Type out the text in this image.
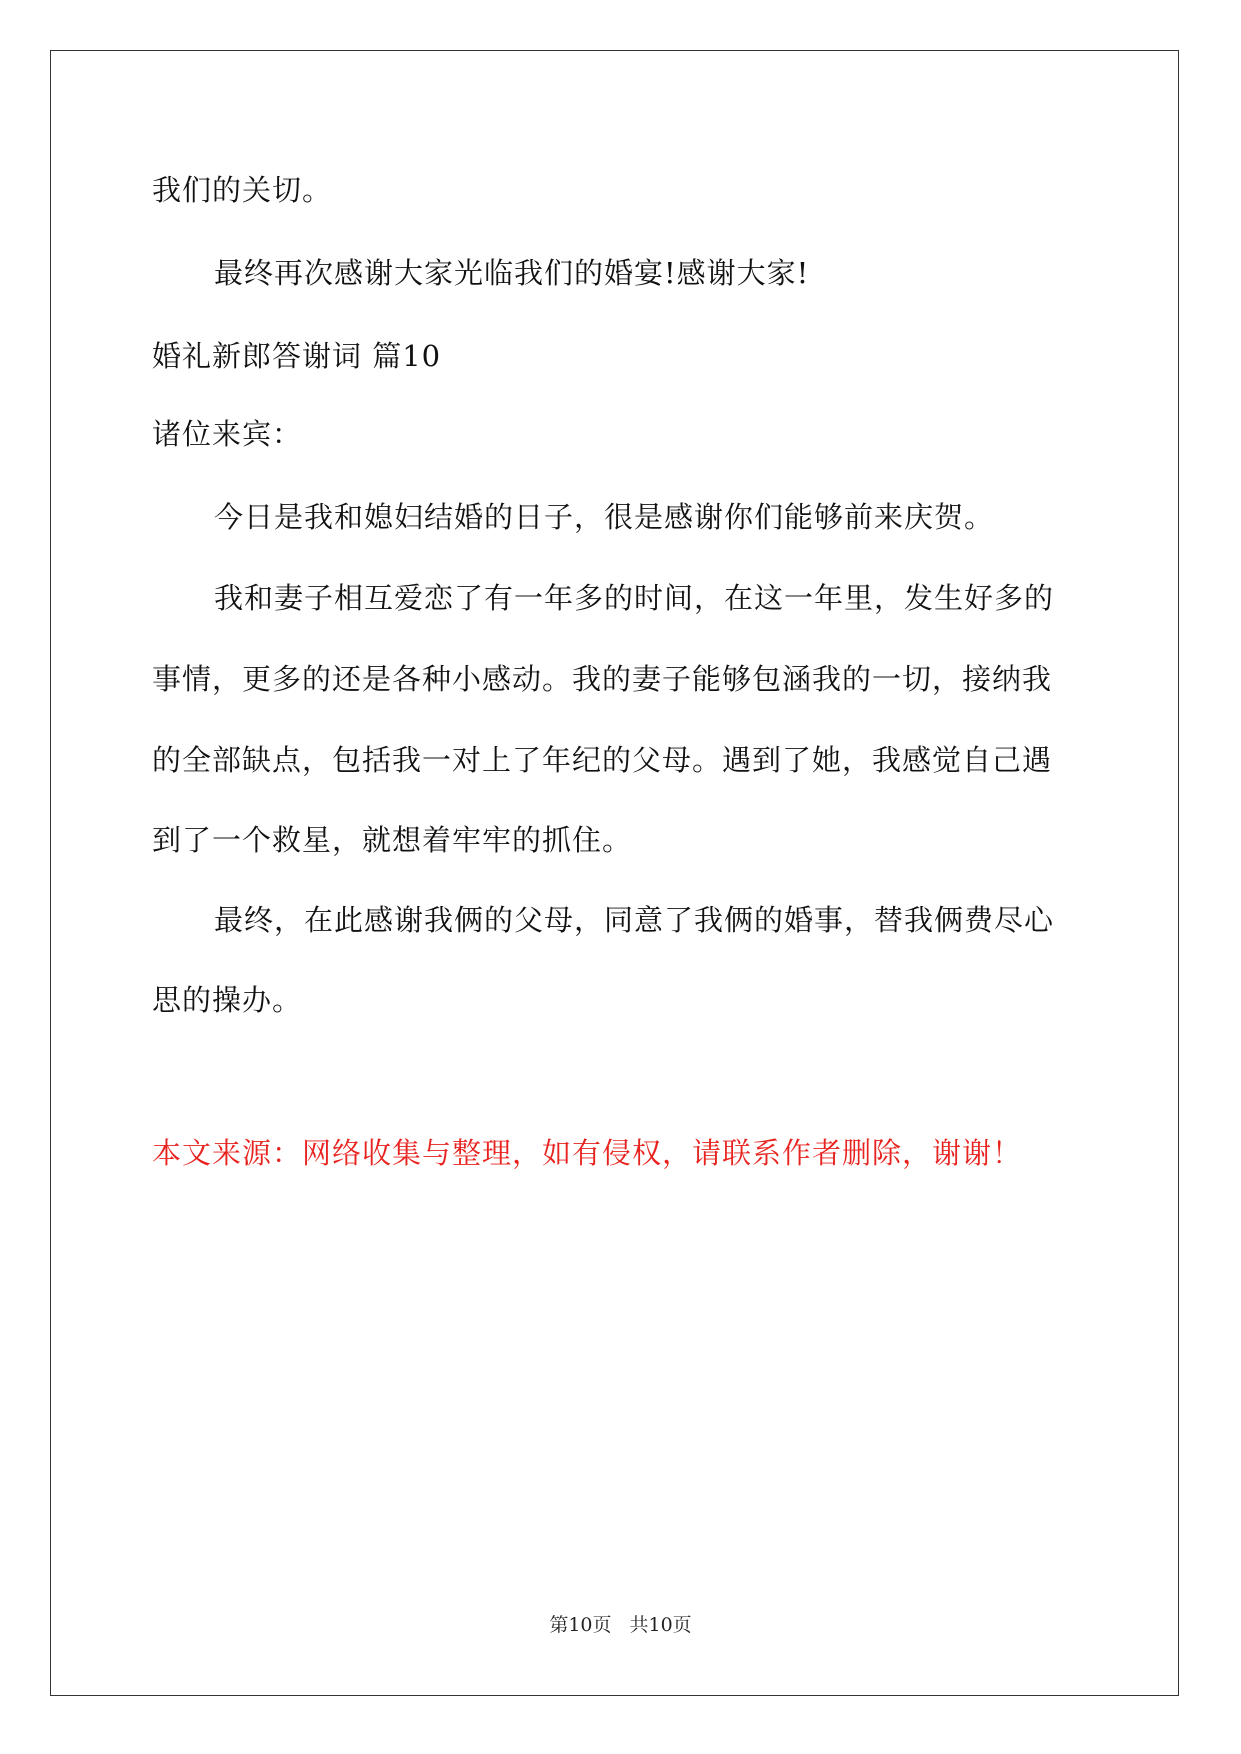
我们的关切。
最终再次感谢大家光临我们的婚宴!感谢大家!
婚礼新郎答谢词 篇10
诸位来宾：
今日是我和媳妇结婚的日子，很是感谢你们能够前来庆贺。
我和妻子相互爱恋了有一年多的时间，在这一年里，发生好多的
事情，更多的还是各种小感动。我的妻子能够包涵我的一切，接纳我
的全部缺点，包括我一对上了年纪的父母。遇到了她，我感觉自己遇
到了一个救星，就想着牢牢的抓住。
最终，在此感谢我俩的父母，同意了我俩的婚事，替我俩费尽心
思的操办。
本文来源：网络收集与整理，如有侵权，请联系作者删除，谢谢！
第10页 共10页
